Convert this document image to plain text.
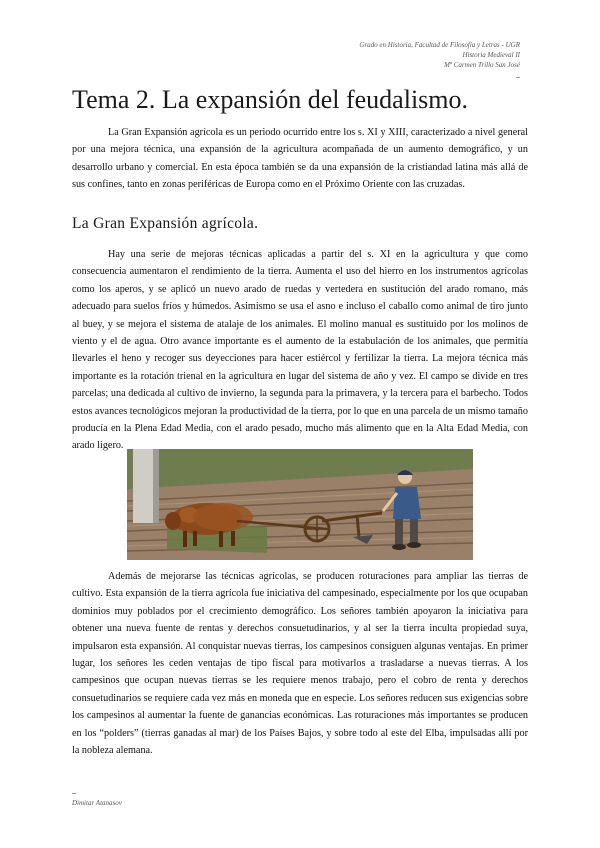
Grado en Historia, Facultad de Filosofía y Letras - UGR
Historia Medieval II
Mª Carmen Trillo San José
Tema 2. La expansión del feudalismo.

La Gran Expansión agrícola es un periodo ocurrido entre los s. XI y XIII, caracterizado a nivel general por una mejora técnica, una expansión de la agricultura acompañada de un aumento demográfico, y un desarrollo urbano y comercial. En esta época también se da una expansión de la cristiandad latina más allá de sus confines, tanto en zonas periféricas de Europa como en el Próximo Oriente con las cruzadas.

La Gran Expansión agrícola.

Hay una serie de mejoras técnicas aplicadas a partir del s. XI en la agricultura y que como consecuencia aumentaron el rendimiento de la tierra. Aumenta el uso del hierro en los instrumentos agrícolas como los aperos, y se aplicó un nuevo arado de ruedas y vertedera en sustitución del arado romano, más adecuado para suelos fríos y húmedos. Asimismo se usa el asno e incluso el caballo como animal de tiro junto al buey, y se mejora el sistema de atalaje de los animales. El molino manual es sustituido por los molinos de viento y el de agua. Otro avance importante es el aumento de la estabulación de los animales, que permitía llevarles el heno y recoger sus deyecciones para hacer estiércol y fertilizar la tierra. La mejora técnica más importante es la rotación trienal en la agricultura en lugar del sistema de año y vez. El campo se divide en tres parcelas; una dedicada al cultivo de invierno, la segunda para la primavera, y la tercera para el barbecho. Todos estos avances tecnológicos mejoran la productividad de la tierra, por lo que en una parcela de un mismo tamaño producía en la Plena Edad Media, con el arado pesado, mucho más alimento que en la Alta Edad Media, con arado ligero.

Además de mejorarse las técnicas agrícolas, se producen roturaciones para ampliar las tierras de cultivo. Esta expansión de la tierra agrícola fue iniciativa del campesinado, especialmente por los que ocupaban dominios muy poblados por el crecimiento demográfico. Los señores también apoyaron la iniciativa para obtener una nueva fuente de rentas y derechos consuetudinarios, y al ser la tierra inculta propiedad suya, impulsaron esta expansión. Al conquistar nuevas tierras, los campesinos consiguen algunas ventajas. En primer lugar, los señores les ceden ventajas de tipo fiscal para motivarlos a trasladarse a nuevas tierras. A los campesinos que ocupan nuevas tierras se les requiere menos trabajo, pero el cobro de renta y derechos consuetudinarios se requiere cada vez más en moneda que en especie. Los señores reducen sus exigencias sobre los campesinos al aumentar la fuente de ganancias económicas. Las roturaciones más importantes se producen en los “polders” (tierras ganadas al mar) de los Países Bajos, y sobre todo al este del Elba, impulsadas allí por la nobleza alemana.

Dimitar Atanasov
